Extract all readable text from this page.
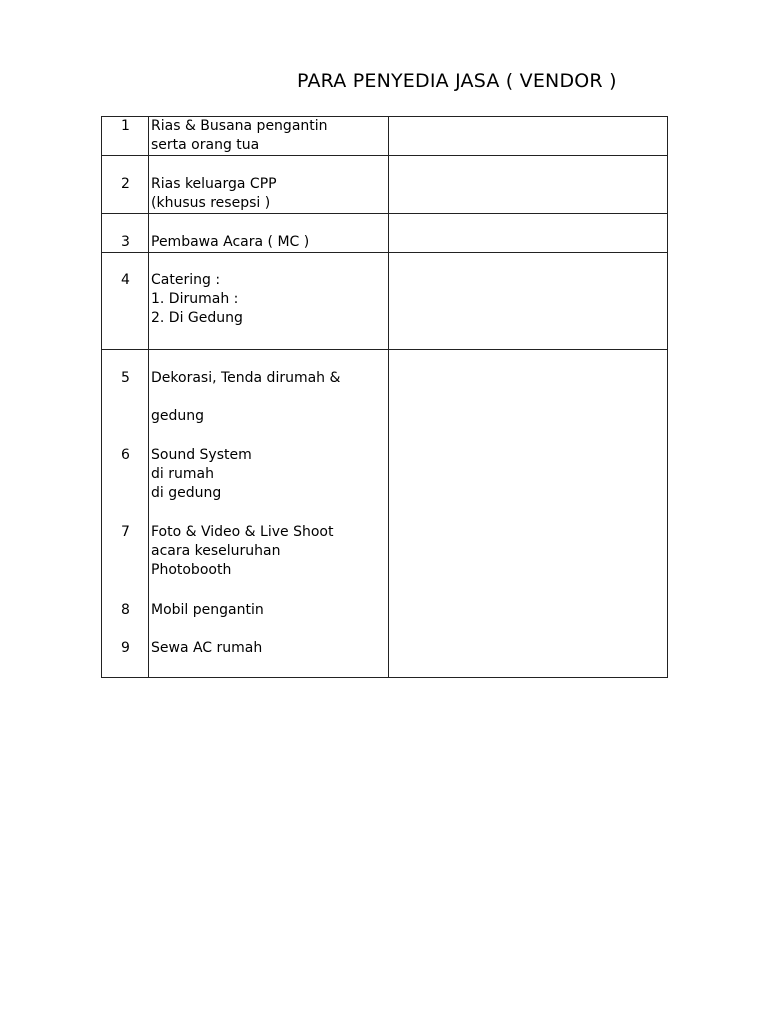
PARA PENYEDIA JASA ( VENDOR )
1	Rias & Busana pengantin
serta orang tua
2	Rias keluarga CPP
(khusus resepsi )
3	Pembawa Acara ( MC )
4	Catering :
1. Dirumah :
2. Di Gedung
5	Dekorasi, Tenda dirumah &
gedung
6	Sound System
di rumah
di gedung
7	Foto & Video & Live Shoot
acara keseluruhan
Photobooth
8	Mobil pengantin
9	Sewa AC rumah
